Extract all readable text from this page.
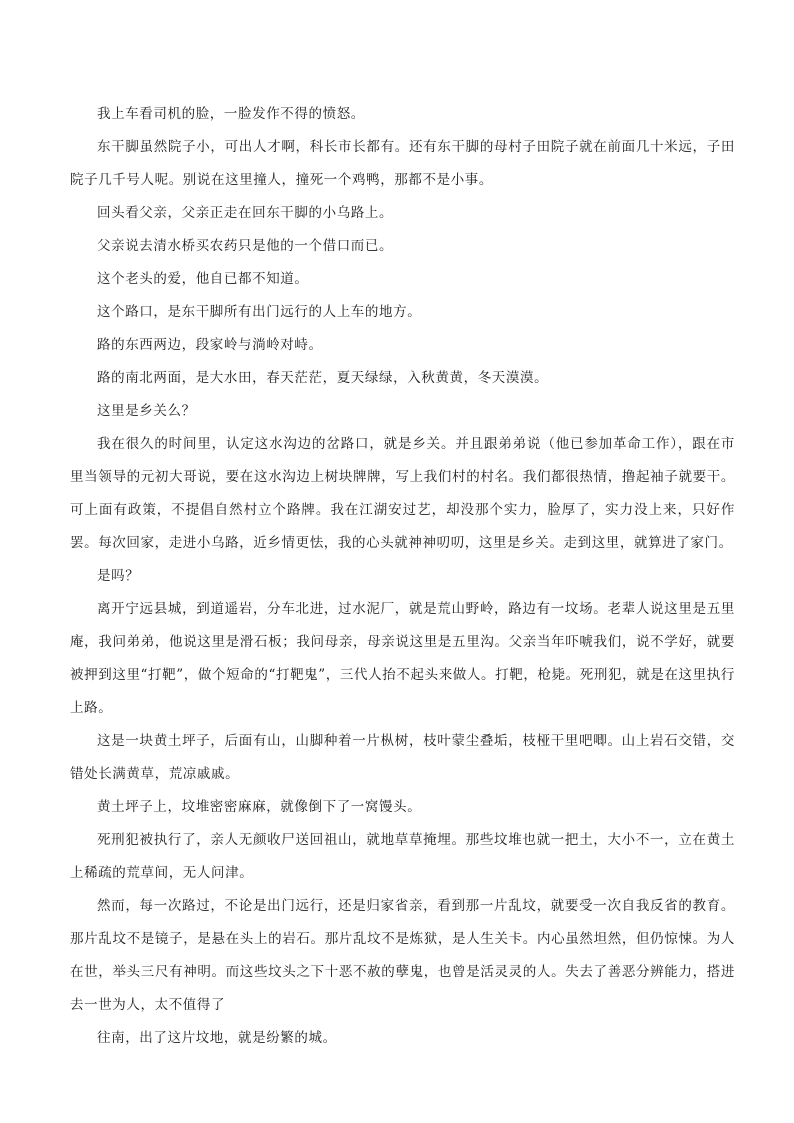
我上车看司机的脸，一脸发作不得的愤怒。

东干脚虽然院子小，可出人才啊，科长市长都有。还有东干脚的母村子田院子就在前面几十米远，子田院子几千号人呢。别说在这里撞人，撞死一个鸡鸭，那都不是小事。

回头看父亲，父亲正走在回东干脚的小乌路上。

父亲说去清水桥买农药只是他的一个借口而已。

这个老头的爱，他自已都不知道。

这个路口，是东干脚所有出门远行的人上车的地方。

路的东西两边，段家岭与淌岭对峙。

路的南北两面，是大水田，春天茫茫，夏天绿绿，入秋黄黄，冬天漠漠。

这里是乡关么？

我在很久的时间里，认定这水沟边的岔路口，就是乡关。并且跟弟弟说（他已参加革命工作），跟在市里当领导的元初大哥说，要在这水沟边上树块牌牌，写上我们村的村名。我们都很热情，撸起袖子就要干。可上面有政策，不提倡自然村立个路牌。我在江湖安过艺，却没那个实力，脸厚了，实力没上来，只好作罢。每次回家，走进小乌路，近乡情更怯，我的心头就神神叨叨，这里是乡关。走到这里，就算进了家门。

是吗？

离开宁远县城，到道遥岩，分车北进，过水泥厂，就是荒山野岭，路边有一坟场。老辈人说这里是五里庵，我问弟弟，他说这里是滑石板；我问母亲，母亲说这里是五里沟。父亲当年吓唬我们，说不学好，就要被押到这里“打靶”，做个短命的“打靶鬼”，三代人抬不起头来做人。打靶，枪毙。死刑犯，就是在这里执行上路。

这是一块黄土坪子，后面有山，山脚种着一片枞树，枝叶蒙尘叠垢，枝桠干里吧唧。山上岩石交错，交错处长满黄草，荒凉戚戚。

黄土坪子上，坟堆密密麻麻，就像倒下了一窝馒头。

死刑犯被执行了，亲人无颜收尸送回祖山，就地草草掩埋。那些坟堆也就一把土，大小不一，立在黄土上稀疏的荒草间，无人问津。

然而，每一次路过，不论是出门远行，还是归家省亲，看到那一片乱坟，就要受一次自我反省的教育。那片乱坟不是镜子，是悬在头上的岩石。那片乱坟不是炼狱，是人生关卡。内心虽然坦然，但仍惊悚。为人在世，举头三尺有神明。而这些坟头之下十恶不赦的孽鬼，也曾是活灵灵的人。失去了善恶分辨能力，搭进去一世为人，太不值得了

往南，出了这片坟地，就是纷繁的城。
